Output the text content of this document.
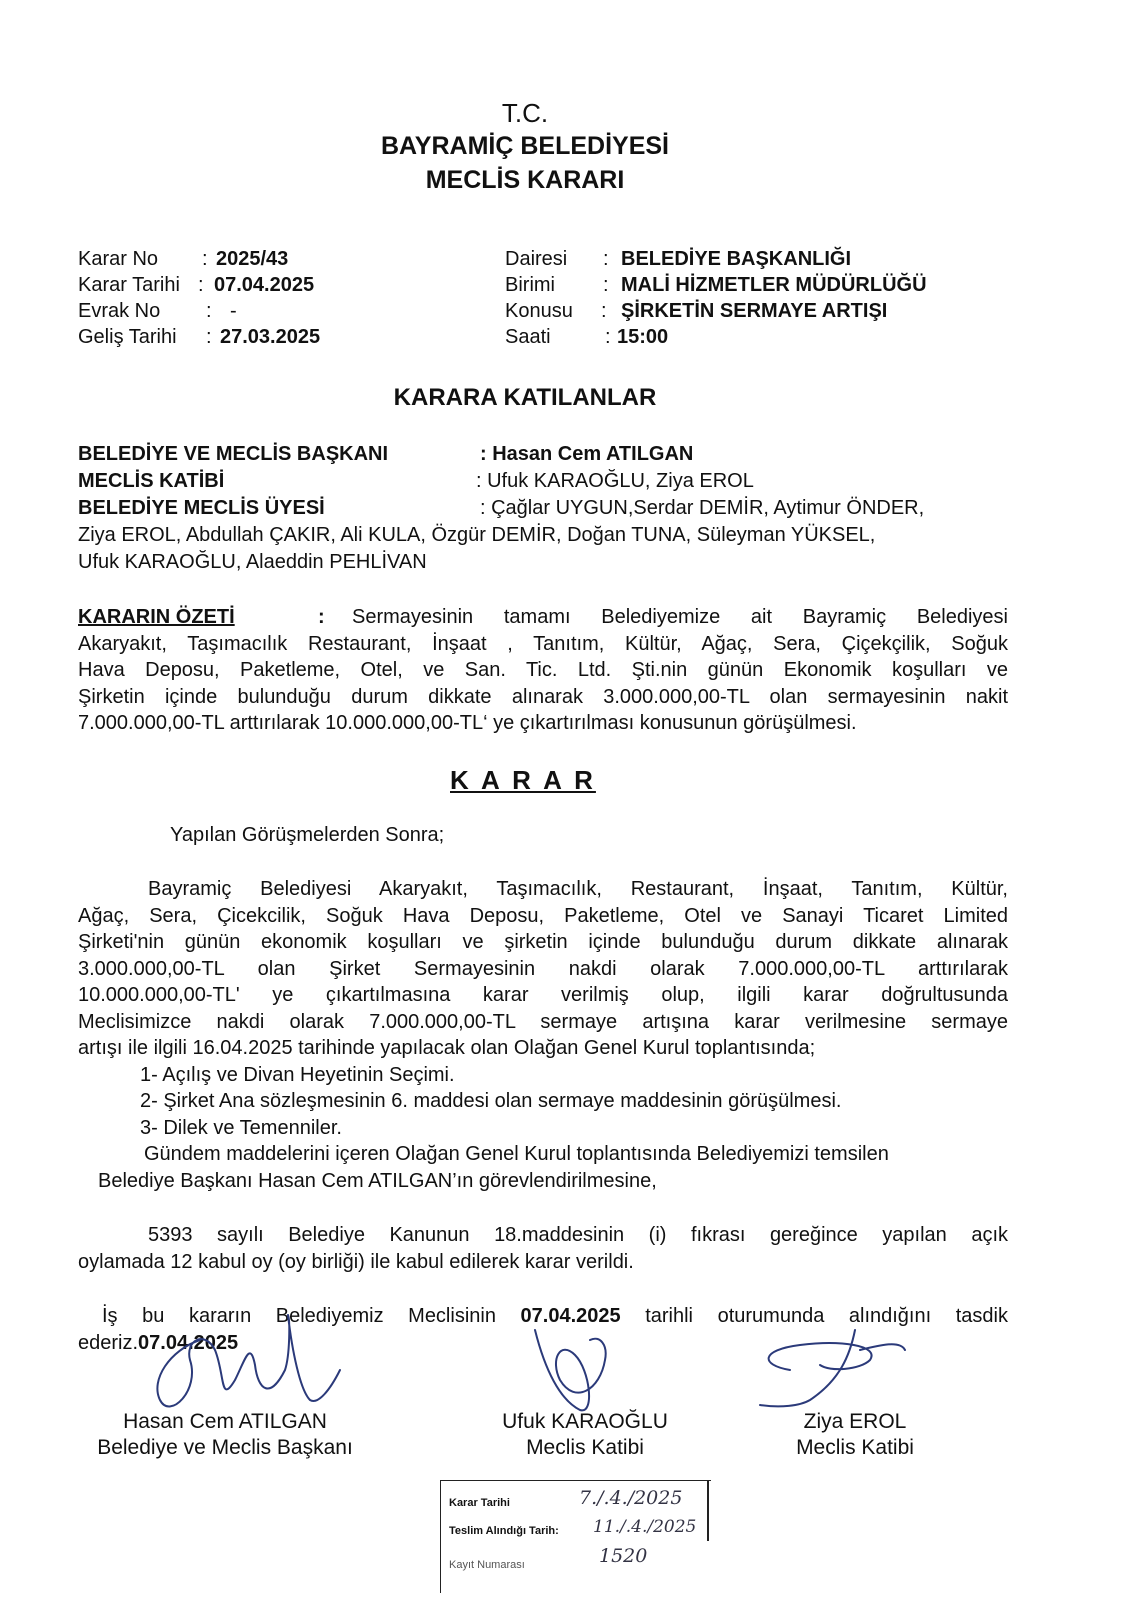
T.C.
BAYRAMİÇ BELEDİYESİ
MECLİS KARARI
Karar No : 2025/43
Karar Tarihi : 07.04.2025
Evrak No : -
Geliş Tarihi : 27.03.2025
Dairesi : BELEDİYE BAŞKANLIĞI
Birimi : MALİ HİZMETLER MÜDÜRLÜĞÜ
Konusu : ŞİRKETİN SERMAYE ARTIŞI
Saati	: 15:00
KARARA KATILANLAR
BELEDİYE VE MECLİS BAŞKANI	: Hasan Cem ATILGAN
MECLİS KATİBİ	: Ufuk KARAOĞLU, Ziya EROL
BELEDİYE MECLİS ÜYESİ	: Çağlar UYGUN,Serdar DEMİR, Aytimur ÖNDER,
Ziya EROL, Abdullah ÇAKIR, Ali KULA, Özgür DEMİR, Doğan TUNA, Süleyman YÜKSEL,
Ufuk KARAOĞLU, Alaeddin PEHLİVAN
KARARIN ÖZETİ	: Sermayesinin tamamı Belediyemize ait Bayramiç Belediyesi
Akaryakıt, Taşımacılık Restaurant, İnşaat , Tanıtım, Kültür, Ağaç, Sera, Çiçekçilik, Soğuk
Hava Deposu, Paketleme, Otel, ve San. Tic. Ltd. Şti.nin günün Ekonomik koşulları ve
Şirketin içinde bulunduğu durum dikkate alınarak 3.000.000,00-TL olan sermayesinin nakit
7.000.000,00-TL arttırılarak 10.000.000,00-TL‘ ye çıkartırılması konusunun görüşülmesi.
K A R A R
Yapılan Görüşmelerden Sonra;
Bayramiç Belediyesi Akaryakıt, Taşımacılık, Restaurant, İnşaat, Tanıtım, Kültür,
Ağaç, Sera, Çicekcilik, Soğuk Hava Deposu, Paketleme, Otel ve Sanayi Ticaret Limited
Şirketi'nin günün ekonomik koşulları ve şirketin içinde bulunduğu durum dikkate alınarak
3.000.000,00-TL olan Şirket Sermayesinin nakdi olarak 7.000.000,00-TL arttırılarak
10.000.000,00-TL' ye çıkartılmasına karar verilmiş olup, ilgili karar doğrultusunda
Meclisimizce nakdi olarak 7.000.000,00-TL sermaye artışına karar verilmesine sermaye
artışı ile ilgili 16.04.2025 tarihinde yapılacak olan Olağan Genel Kurul toplantısında;
1- Açılış ve Divan Heyetinin Seçimi.
2- Şirket Ana sözleşmesinin 6. maddesi olan sermaye maddesinin görüşülmesi.
3- Dilek ve Temenniler.
Gündem maddelerini içeren Olağan Genel Kurul toplantısında Belediyemizi temsilen
Belediye Başkanı Hasan Cem ATILGAN’ın görevlendirilmesine,
5393 sayılı Belediye Kanunun 18.maddesinin (i) fıkrası gereğince yapılan açık
oylamada 12 kabul oy (oy birliği) ile kabul edilerek karar verildi.
İş bu kararın Belediyemiz Meclisinin 07.04.2025 tarihli oturumunda alındığını tasdik
ederiz.07.04.2025
Hasan Cem ATILGAN
Belediye ve Meclis Başkanı
Ufuk KARAOĞLU
Meclis Katibi
Ziya EROL
Meclis Katibi
Karar Tarihi	7./.4./2025
Teslim Alındığı Tarih: 11./.4./2025
Kayıt Numarası	1520
